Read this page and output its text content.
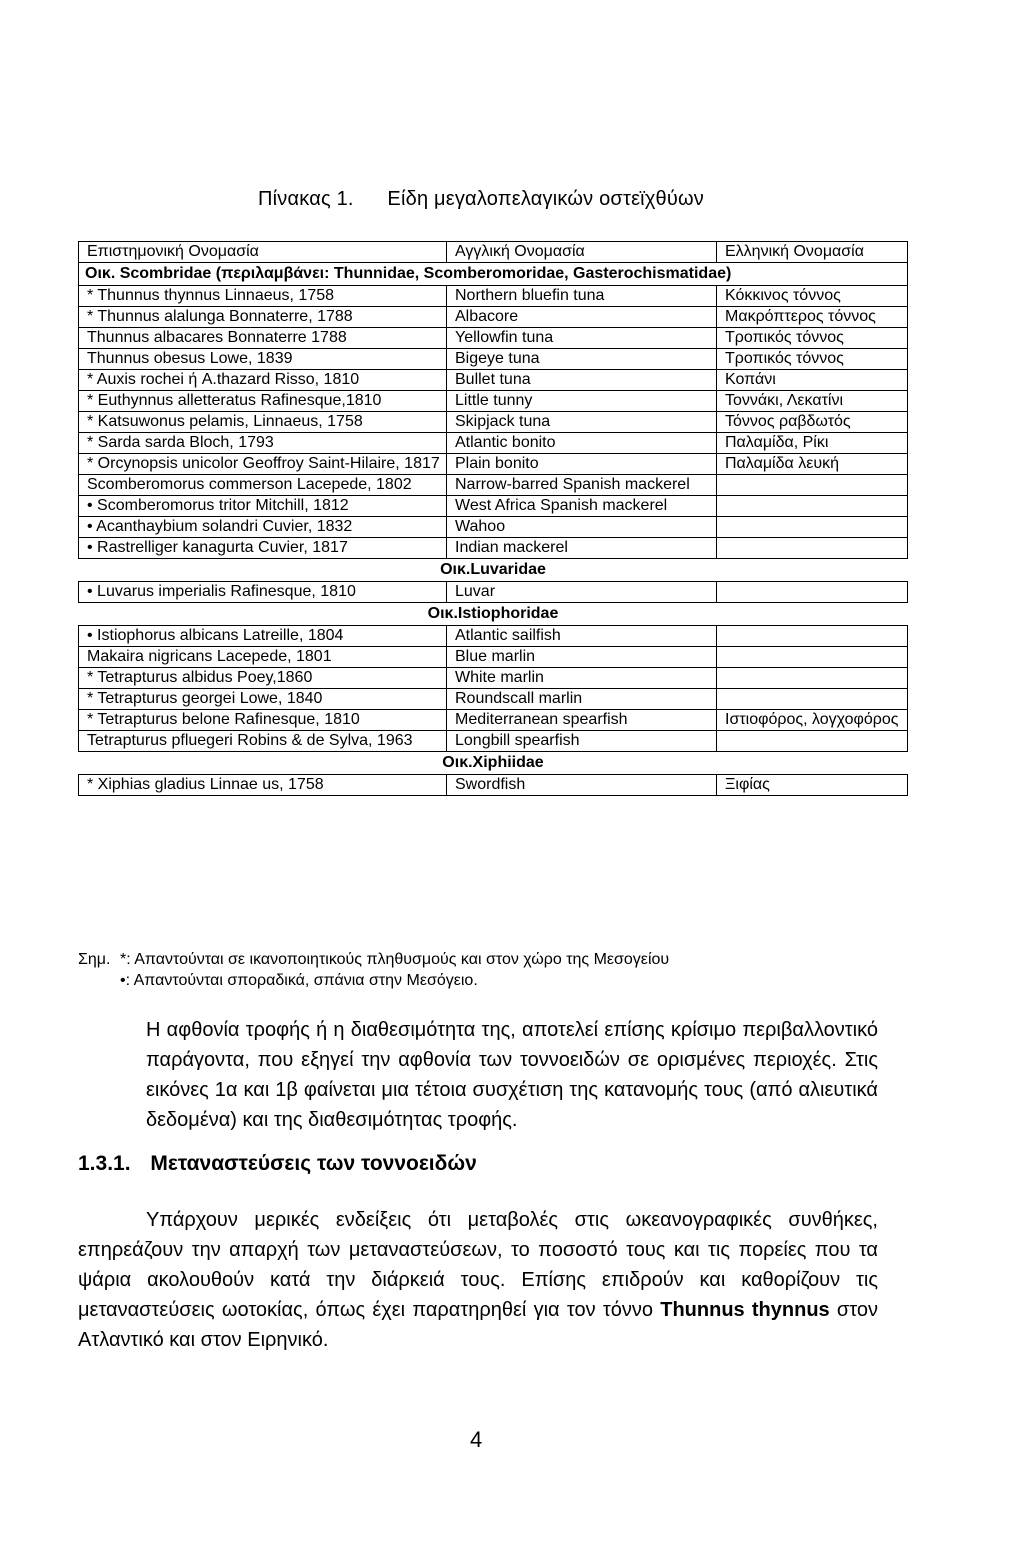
Πίνακας 1. Είδη μεγαλοπελαγικών οστεϊχθύων
Επιστημονική Ονομασία	Αγγλική Ονομασία	Ελληνική Ονομασία
Οικ. Scombridae (περιλαμβάνει: Thunnidae, Scomberomoridae, Gasterochismatidae)		
* Thunnus thynnus Linnaeus, 1758	Northern bluefin tuna	Κόκκινος τόννος
* Thunnus alalunga Bonnaterre, 1788	Albacore	Μακρόπτερος τόννος
Thunnus albacares Bonnaterre 1788	Yellowfin tuna	Τροπικός τόννος
Thunnus obesus Lowe, 1839	Bigeye tuna	Τροπικός τόννος
* Auxis rochei ή A.thazard Risso, 1810	Bullet tuna	Κοπάνι
* Euthynnus alletteratus Rafinesque,1810	Little tunny	Τοννάκι, Λεκατίνι
* Katsuwonus pelamis, Linnaeus, 1758	Skipjack tuna	Τόννος ραβδωτός
* Sarda sarda Bloch, 1793	Atlantic bonito	Παλαμίδα, Ρίκι
* Orcynopsis unicolor Geoffroy Saint-Hilaire, 1817	Plain bonito	Παλαμίδα λευκή
Scomberomorus commerson Lacepede, 1802	Narrow-barred Spanish mackerel	
• Scomberomorus tritor Mitchill, 1812	West Africa Spanish mackerel	
• Acanthaybium solandri Cuvier, 1832	Wahoo	
• Rastrelliger kanagurta Cuvier, 1817	Indian mackerel	
Οικ.Luvaridae		
• Luvarus imperialis Rafinesque, 1810	Luvar	
Οικ.Istiophoridae		
• Istiophorus albicans Latreille, 1804	Atlantic sailfish	
Makaira nigricans Lacepede, 1801	Blue marlin	
* Tetrapturus albidus Poey,1860	White marlin	
* Tetrapturus georgei Lowe, 1840	Roundscall marlin	
* Tetrapturus belone Rafinesque, 1810	Mediterranean spearfish	Ιστιοφόρος, λογχοφόρος
Tetrapturus pfluegeri Robins & de Sylva, 1963	Longbill spearfish	
Οικ.Xiphiidae		
* Xiphias gladius Linnae us, 1758	Swordfish	Ξιφίας
Σημ. *: Απαντούνται σε ικανοποιητικούς πληθυσμούς και στον χώρο της Μεσογείου
•: Απαντούνται σποραδικά, σπάνια στην Μεσόγειο.
Η αφθονία τροφής ή η διαθεσιμότητα της, αποτελεί επίσης κρίσιμο περιβαλλοντικό παράγοντα, που εξηγεί την αφθονία των τοννοειδών σε ορισμένες περιοχές. Στις εικόνες 1α και 1β φαίνεται μια τέτοια συσχέτιση της κατανομής τους (από αλιευτικά δεδομένα) και της διαθεσιμότητας τροφής.
1.3.1. Μεταναστεύσεις των τοννοειδών
Υπάρχουν μερικές ενδείξεις ότι μεταβολές στις ωκεανογραφικές συνθήκες, επηρεάζουν την απαρχή των μεταναστεύσεων, το ποσοστό τους και τις πορείες που τα ψάρια ακολουθούν κατά την διάρκειά τους. Επίσης επιδρούν και καθορίζουν τις μεταναστεύσεις ωοτοκίας, όπως έχει παρατηρηθεί για τον τόννο Thunnus thynnus στον Ατλαντικό και στον Ειρηνικό.
4
